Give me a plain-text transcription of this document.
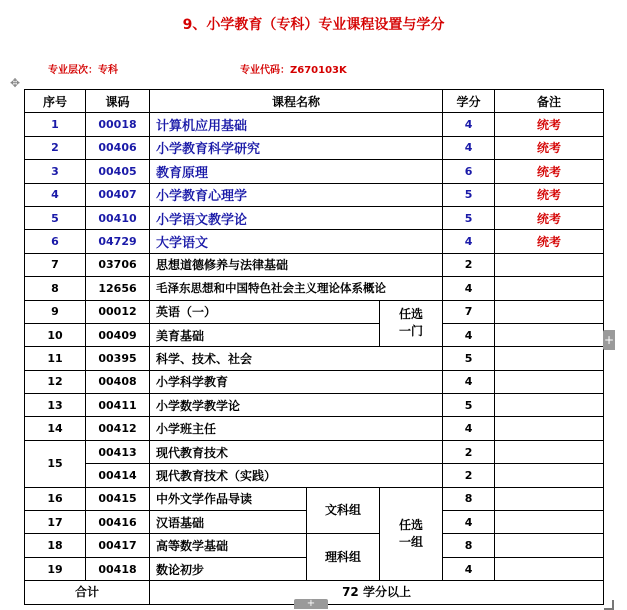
9、小学教育（专科）专业课程设置与学分
专业层次：专科	专业代码：Z670103K
✥
序号	课码	课程名称			学分	备注
1	00018	计算机应用基础			4	统考
2	00406	小学教育科学研究			4	统考
3	00405	教育原理			6	统考
4	00407	小学教育心理学			5	统考
5	00410	小学语文教学论			5	统考
6	04729	大学语文			4	统考
7	03706	思想道德修养与法律基础			2	
8	12656	毛泽东思想和中国特色社会主义理论体系概论			4	
9	00012	英语（一）		任选一门	7	
10	00409	美育基础			4	
11	00395	科学、技术、社会			5	
12	00408	小学科学教育			4	
13	00411	小学数学教学论			5	
14	00412	小学班主任			4	
15	00413	现代教育技术			2	
	00414	现代教育技术（实践）			2	
16	00415	中外文学作品导读	文科组	任选一组	8	
17	00416	汉语基础			4	
18	00417	高等数学基础	理科组		8	
19	00418	数论初步			4	
合计		72 学分以上				
+
+
